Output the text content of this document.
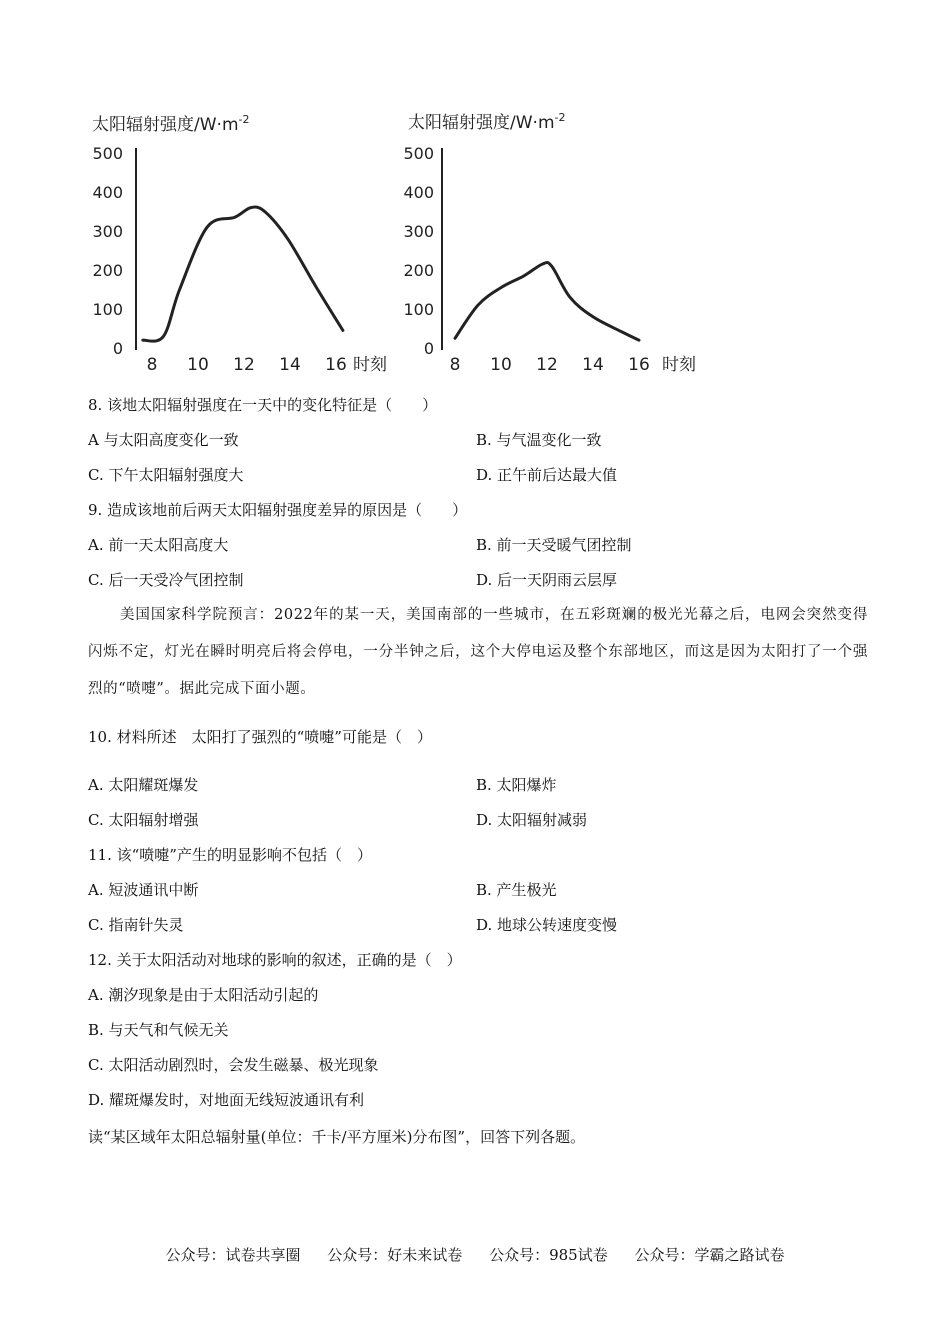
太阳辐射强度$/W\cdot m^{-2}$
0
100
200
300
400
500
8 10 12 14 16 时刻
太阳辐射强度$/W\cdot m^{-2}$
0
100
200
300
400
500
8 10 12 14 16 时刻
8. 该地太阳辐射强度在一天中的变化特征是（　　）
A 与太阳高度变化一致	B. 与气温变化一致
C. 下午太阳辐射强度大	D. 正午前后达最大值
9. 造成该地前后两天太阳辐射强度差异的原因是（　　）
A. 前一天太阳高度大	B. 前一天受暖气团控制
C. 后一天受冷气团控制	D. 后一天阴雨云层厚
美国国家科学院预言：2022年的某一天，美国南部的一些城市，在五彩斑斓的极光光幕之后，电网会突然变得闪烁不定，灯光在瞬时明亮后将会停电，一分半钟之后，这个大停电运及整个东部地区，而这是因为太阳打了一个强烈的“喷嚏”。据此完成下面小题。
10. 材料所述　太阳打了强烈的“喷嚏”可能是（　）
A. 太阳耀斑爆发	B. 太阳爆炸
C. 太阳辐射增强	D. 太阳辐射减弱
11. 该“喷嚏”产生的明显影响不包括（　）
A. 短波通讯中断	B. 产生极光
C. 指南针失灵	D. 地球公转速度变慢
12. 关于太阳活动对地球的影响的叙述，正确的是（　）
A. 潮汐现象是由于太阳活动引起的
B. 与天气和气候无关
C. 太阳活动剧烈时，会发生磁暴、极光现象
D. 耀斑爆发时，对地面无线短波通讯有利
读“某区域年太阳总辐射量(单位：千卡/平方厘米)分布图”，回答下列各题。
公众号：试卷共享圈 公众号：好未来试卷 公众号：985试卷 公众号：学霸之路试卷
